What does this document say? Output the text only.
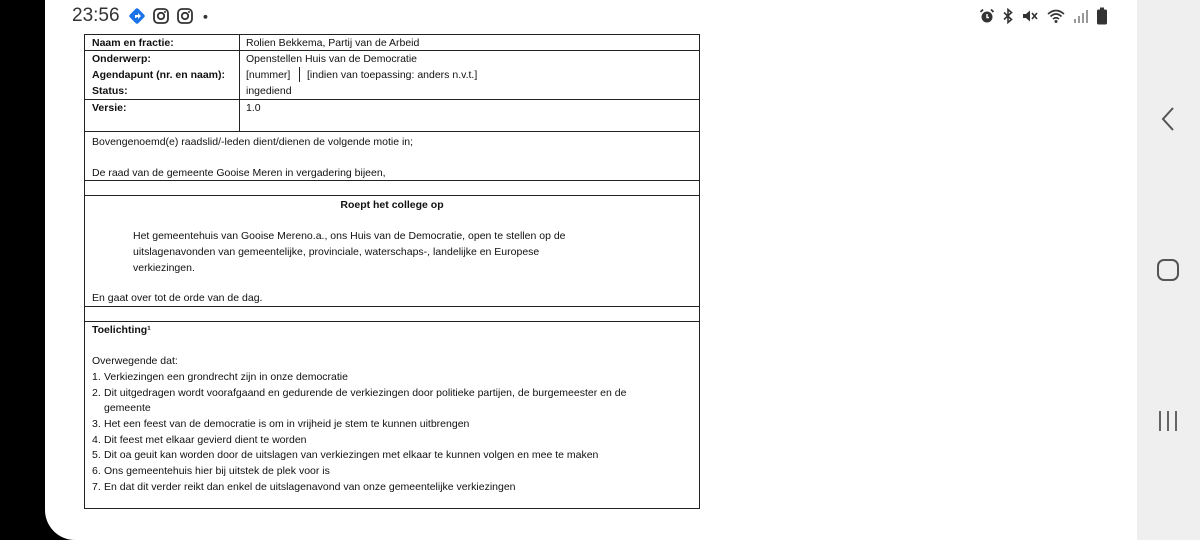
23:56
Naam en fractie:	Rolien Bekkema, Partij van de Arbeid
Onderwerp:	Openstellen Huis van de Democratie
Agendapunt (nr. en naam): [nummer] [indien van toepassing: anders n.v.t.]
Status:	ingediend
Versie:	1.0
Bovengenoemd(e) raadslid/-leden dient/dienen de volgende motie in;
De raad van de gemeente Gooise Meren in vergadering bijeen,
Roept het college op
Het gemeentehuis van Gooise Mereno.a., ons Huis van de Democratie, open te stellen op de
uitslagenavonden van gemeentelijke, provinciale, waterschaps-, landelijke en Europese
verkiezingen.
En gaat over tot de orde van de dag.
Toelichting¹
Overwegende dat:
1. Verkiezingen een grondrecht zijn in onze democratie
2. Dit uitgedragen wordt voorafgaand en gedurende de verkiezingen door politieke partijen, de burgemeester en de
gemeente
3. Het een feest van de democratie is om in vrijheid je stem te kunnen uitbrengen
4. Dit feest met elkaar gevierd dient te worden
5. Dit oa geuit kan worden door de uitslagen van verkiezingen met elkaar te kunnen volgen en mee te maken
6. Ons gemeentehuis hier bij uitstek de plek voor is
7. En dat dit verder reikt dan enkel de uitslagenavond van onze gemeentelijke verkiezingen
